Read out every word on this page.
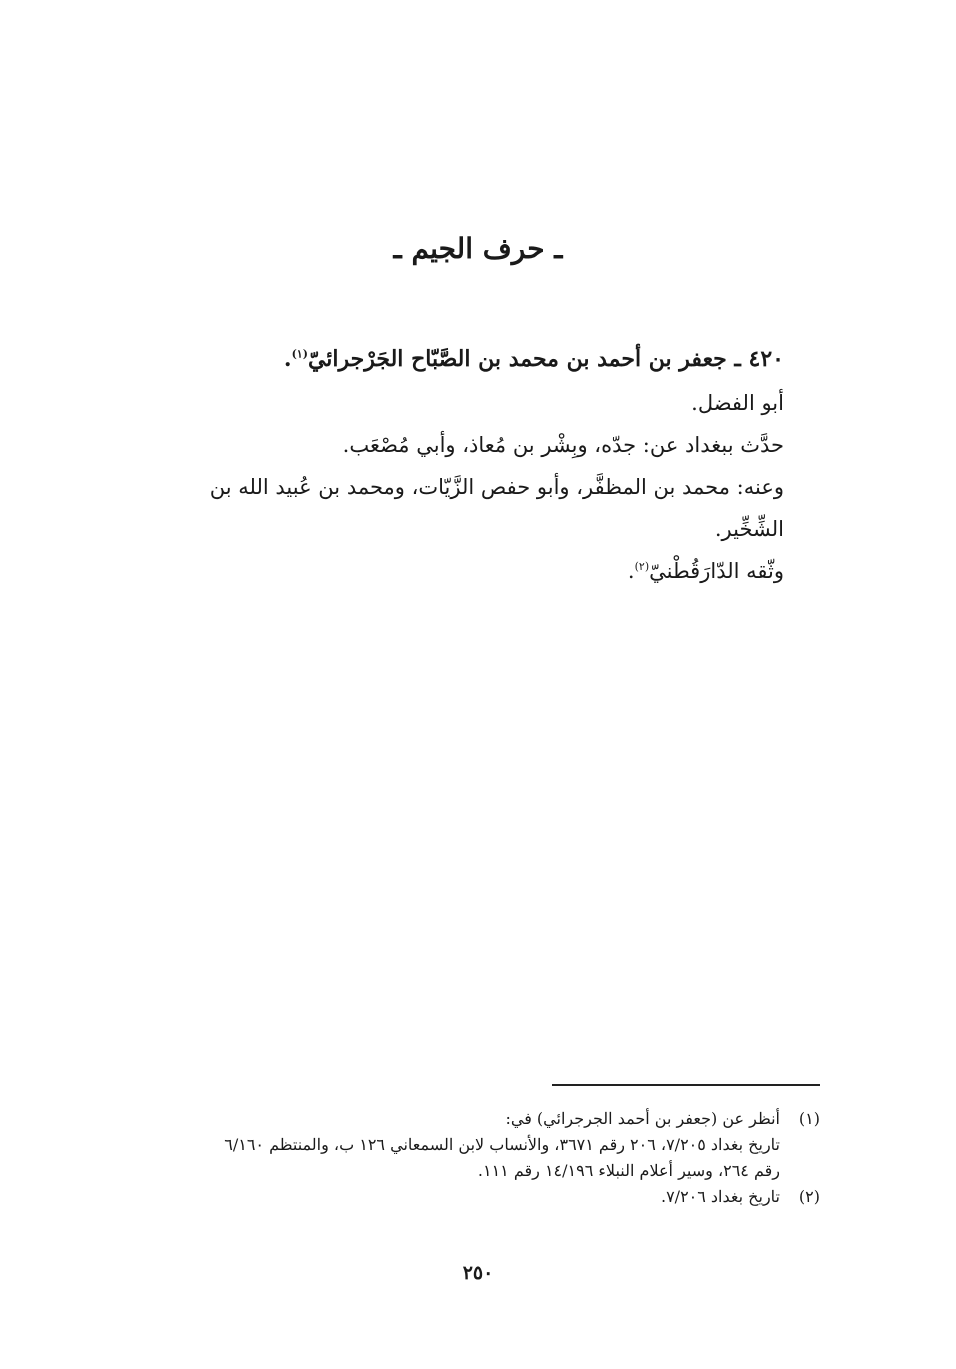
ـ حرف الجيم ـ
٤٢٠ ـ جعفر بن أحمد بن محمد بن الصَّبّاح الجَرْجرائيّ$^{(١)}$.
أبو الفضل.
حدَّث ببغداد عن: جدّه، وبِشْر بن مُعاذ، وأبي مُصْعَب.
وعنه: محمد بن المظفَّر، وأبو حفص الزَّيّات، ومحمد بن عُبيد الله بن
الشِّخِّير.
وثّقه الدّارَقُطْنيّ$^{(٢)}$.
(١)أنظر عن (جعفر بن أحمد الجرجرائي) في:
تاريخ بغداد ٧/٢٠٥، ٢٠٦ رقم ٣٦٧١، والأنساب لابن السمعاني ١٢٦ ب، والمنتظم ٦/١٦٠
رقم ٢٦٤، وسير أعلام النبلاء ١٤/١٩٦ رقم ١١١.
(٢)تاريخ بغداد ٧/٢٠٦.
٢٥٠
